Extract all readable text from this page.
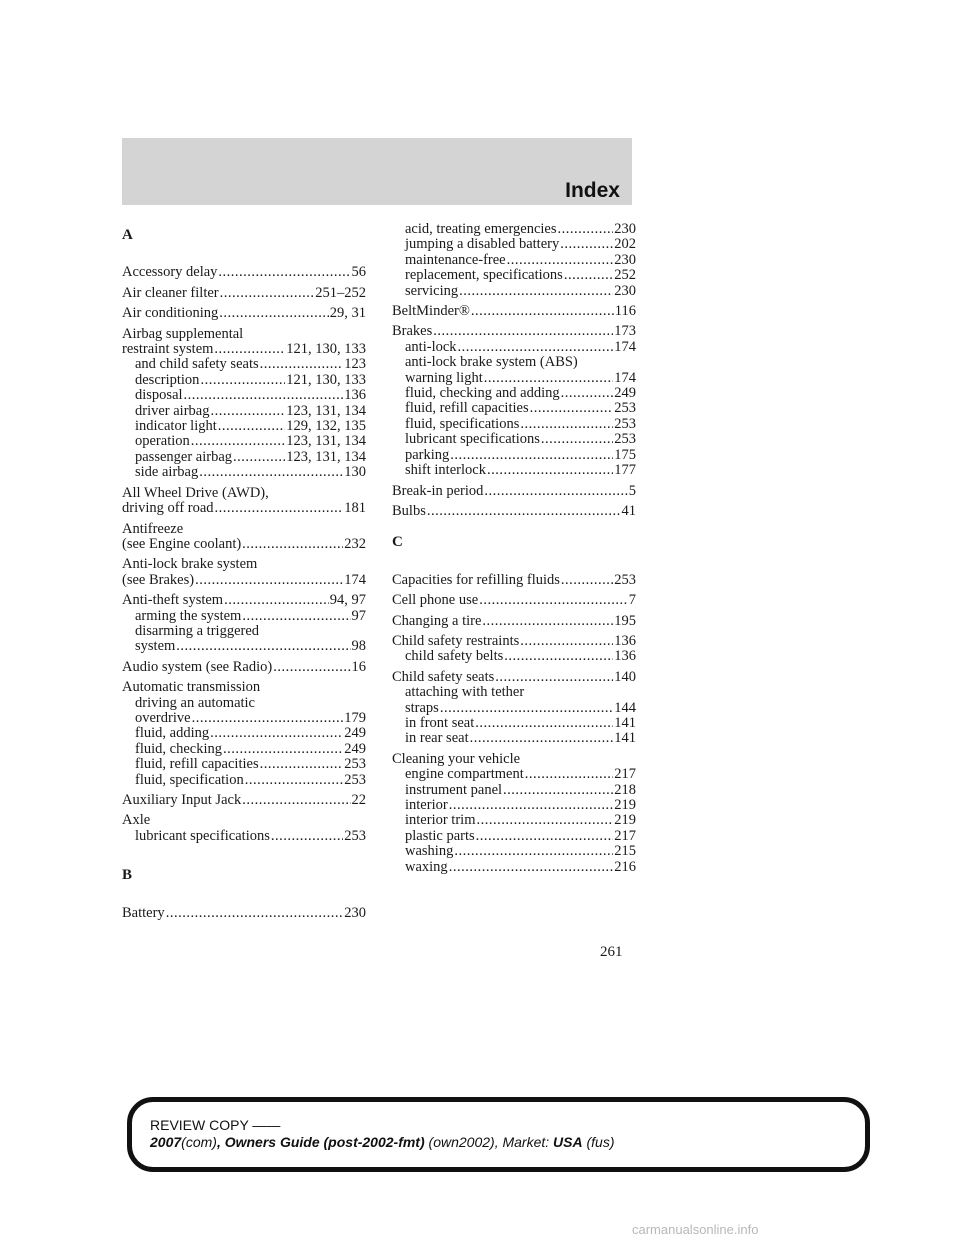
Index
A
Accessory delay .....	56
Air cleaner filter .....	251–252
Air conditioning .....	29, 31
Airbag supplemental
restraint system .....	121, 130, 133
and child safety seats .....	123
description .....	121, 130, 133
disposal .....	136
driver airbag .....	123, 131, 134
indicator light .....	129, 132, 135
operation .....	123, 131, 134
passenger airbag .....	123, 131, 134
side airbag .....	130
All Wheel Drive (AWD),
driving off road .....	181
Antifreeze
(see Engine coolant) .....	232
Anti-lock brake system
(see Brakes) .....	174
Anti-theft system .....	94, 97
arming the system .....	97
disarming a triggered
system .....	98
Audio system (see Radio) .....	16
Automatic transmission
driving an automatic
overdrive .....	179
fluid, adding .....	249
fluid, checking .....	249
fluid, refill capacities .....	253
fluid, specification .....	253
Auxiliary Input Jack .....	22
Axle
lubricant specifications .....	253
B
Battery .....	230
acid, treating emergencies .....	230
jumping a disabled battery .....	202
maintenance-free .....	230
replacement, specifications .....	252
servicing .....	230
BeltMinder® .....	116
Brakes .....	173
anti-lock .....	174
anti-lock brake system (ABS)
warning light .....	174
fluid, checking and adding .....	249
fluid, refill capacities .....	253
fluid, specifications .....	253
lubricant specifications .....	253
parking .....	175
shift interlock .....	177
Break-in period .....	5
Bulbs .....	41
C
Capacities for refilling fluids .....	253
Cell phone use .....	7
Changing a tire .....	195
Child safety restraints .....	136
child safety belts .....	136
Child safety seats .....	140
attaching with tether
straps .....	144
in front seat .....	141
in rear seat .....	141
Cleaning your vehicle
engine compartment .....	217
instrument panel .....	218
interior .....	219
interior trim .....	219
plastic parts .....	217
washing .....	215
waxing .....	216
261
REVIEW COPY ——
2007(com), Owners Guide (post-2002-fmt) (own2002), Market: USA (fus)
carmanualsonline.info
